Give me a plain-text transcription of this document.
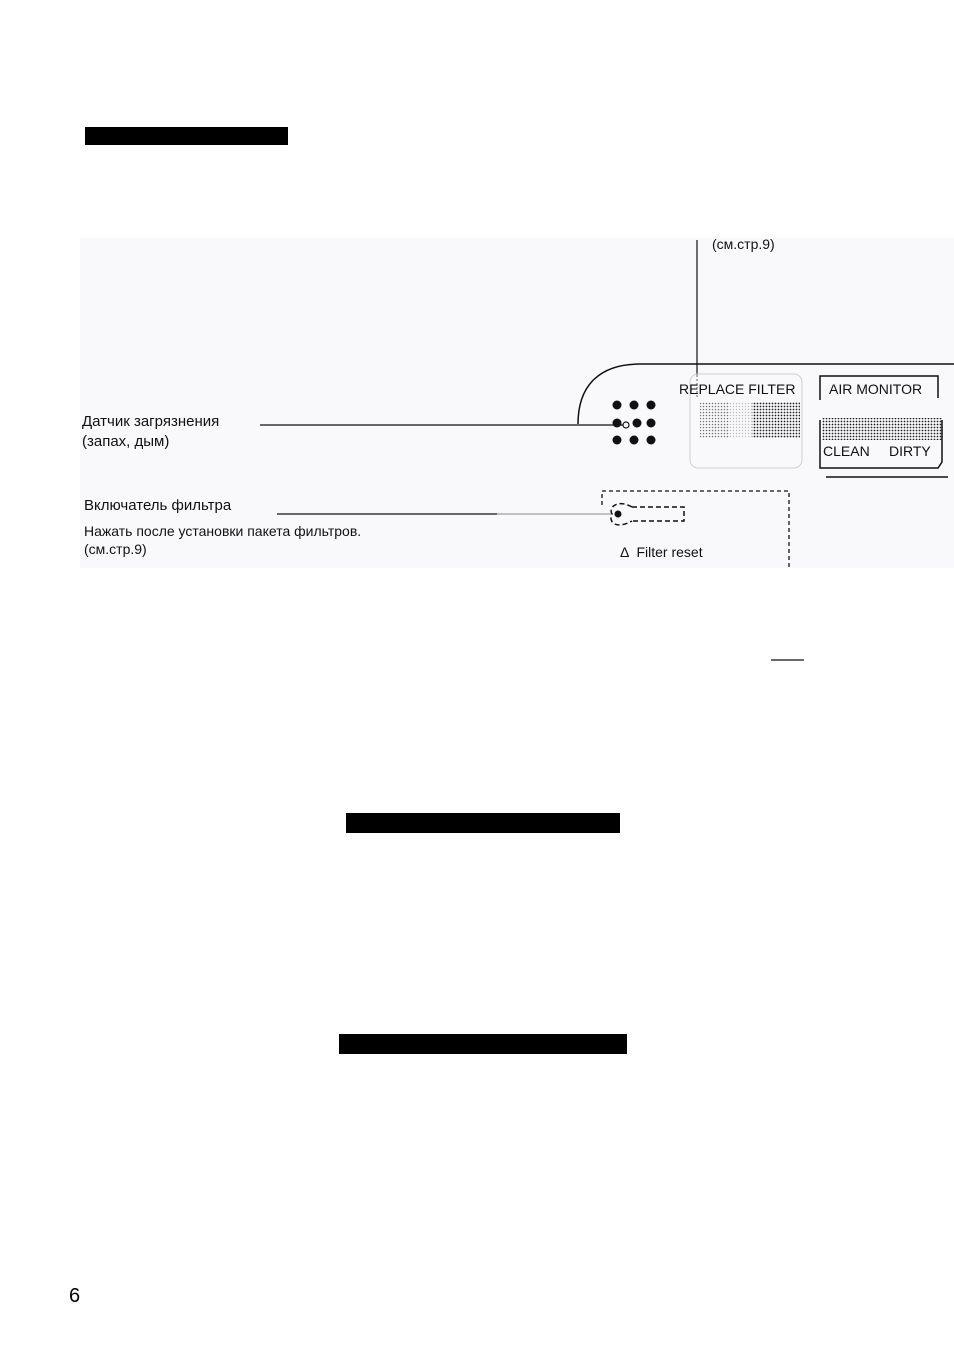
(см.стр.9)
Датчик загрязнения
(запах, дым)
Включатель фильтра
Нажать после установки пакета фильтров.
(см.стр.9)
REPLACE FILTER AIR MONITOR
CLEAN DIRTY
Δ Filter reset
6
